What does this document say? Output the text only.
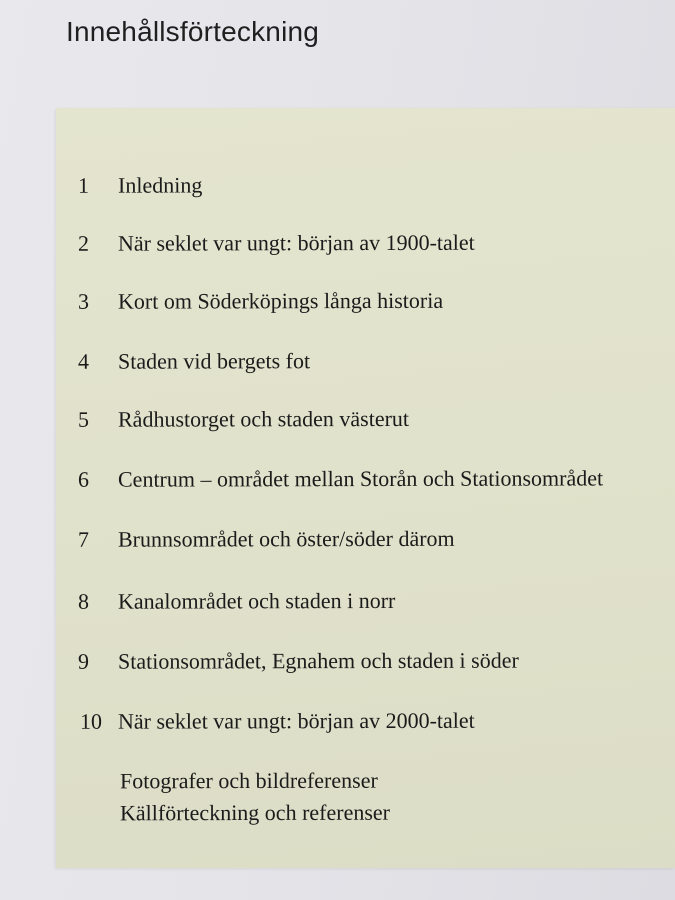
Innehållsförteckning
1 Inledning
2 När seklet var ungt: början av 1900-talet
3 Kort om Söderköpings långa historia
4 Staden vid bergets fot
5 Rådhustorget och staden västerut
6 Centrum – området mellan Storån och Stationsområdet
7 Brunnsområdet och öster/söder därom
8 Kanalområdet och staden i norr
9 Stationsområdet, Egnahem och staden i söder
10 När seklet var ungt: början av 2000-talet
Fotografer och bildreferenser
Källförteckning och referenser
